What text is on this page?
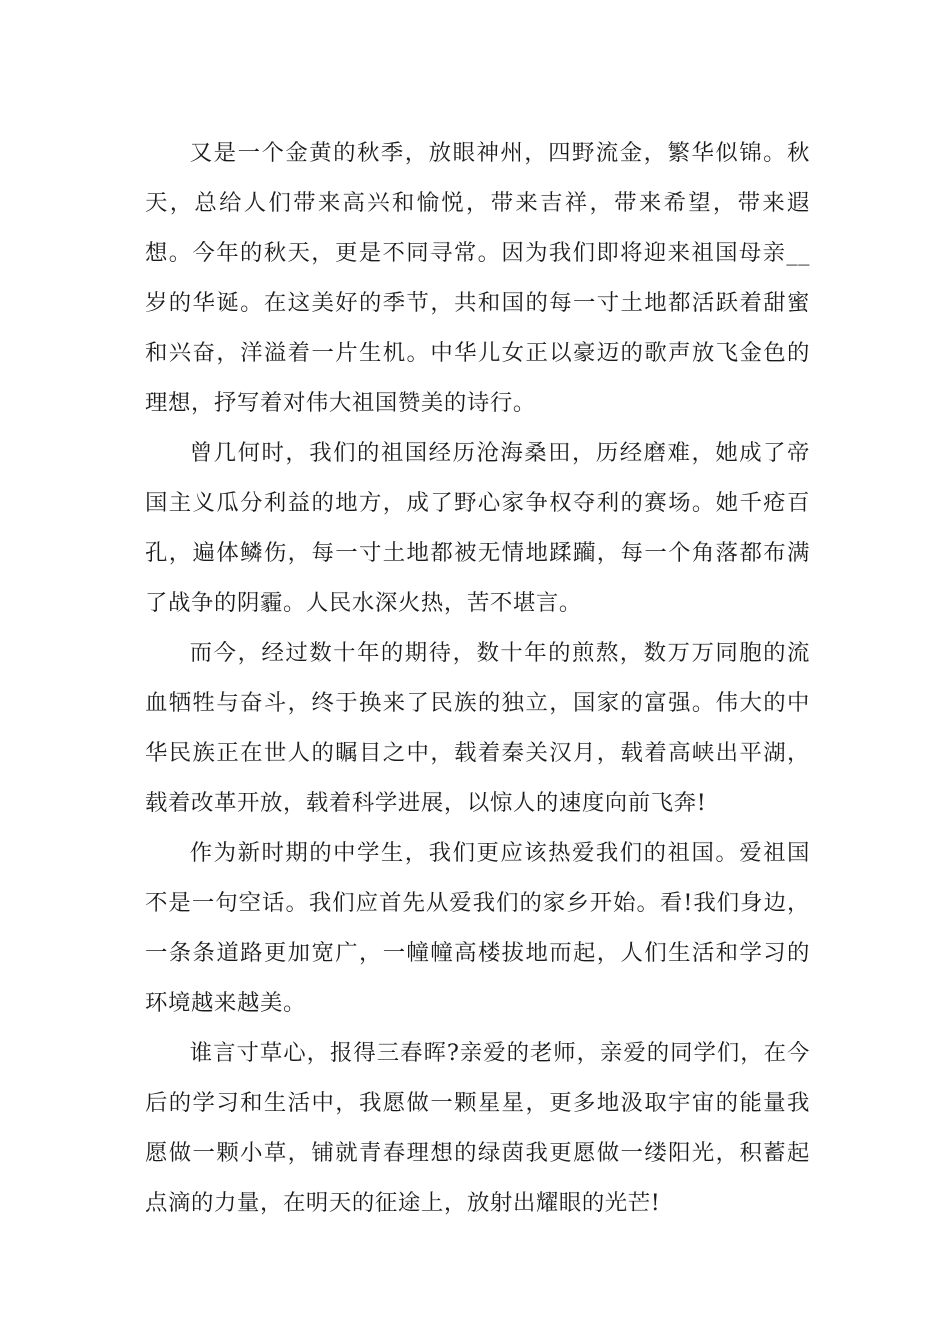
又是一个金黄的秋季，放眼神州，四野流金，繁华似锦。秋天，总给人们带来高兴和愉悦，带来吉祥，带来希望，带来遐想。今年的秋天，更是不同寻常。因为我们即将迎来祖国母亲__岁的华诞。在这美好的季节，共和国的每一寸土地都活跃着甜蜜和兴奋，洋溢着一片生机。中华儿女正以豪迈的歌声放飞金色的理想，抒写着对伟大祖国赞美的诗行。

曾几何时，我们的祖国经历沧海桑田，历经磨难，她成了帝国主义瓜分利益的地方，成了野心家争权夺利的赛场。她千疮百孔，遍体鳞伤，每一寸土地都被无情地蹂躏，每一个角落都布满了战争的阴霾。人民水深火热，苦不堪言。

而今，经过数十年的期待，数十年的煎熬，数万万同胞的流血牺牲与奋斗，终于换来了民族的独立，国家的富强。伟大的中华民族正在世人的瞩目之中，载着秦关汉月，载着高峡出平湖，载着改革开放，载着科学进展，以惊人的速度向前飞奔!

作为新时期的中学生，我们更应该热爱我们的祖国。爱祖国不是一句空话。我们应首先从爱我们的家乡开始。看!我们身边，一条条道路更加宽广，一幢幢高楼拔地而起，人们生活和学习的环境越来越美。

谁言寸草心，报得三春晖?亲爱的老师，亲爱的同学们，在今后的学习和生活中，我愿做一颗星星，更多地汲取宇宙的能量我愿做一颗小草，铺就青春理想的绿茵我更愿做一缕阳光，积蓄起点滴的力量，在明天的征途上，放射出耀眼的光芒!
